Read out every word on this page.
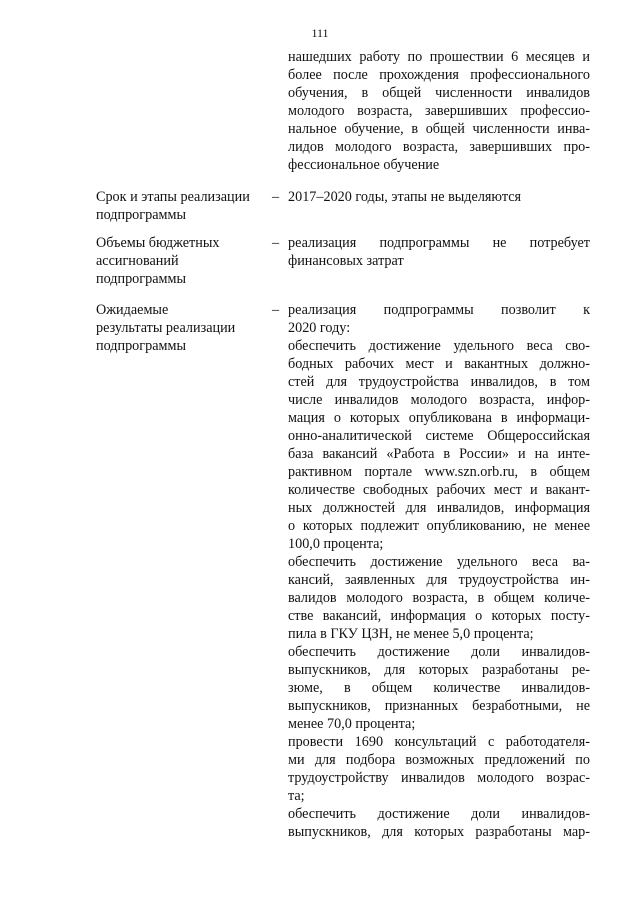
111
нашедших работу по прошествии 6 месяцев и
более после прохождения профессионального
обучения, в общей численности инвалидов
молодого возраста, завершивших профессио-
нальное обучение, в общей численности инва-
лидов молодого возраста, завершивших про-
фессиональное обучение
Срок и этапы реализации
подпрограммы
– 2017–2020 годы, этапы не выделяются
Объемы бюджетных
ассигнований
подпрограммы
– реализация подпрограммы не потребует
финансовых затрат
Ожидаемые
результаты реализации
подпрограммы
– реализация подпрограммы позволит к
2020 году:
обеспечить достижение удельного веса сво-
бодных рабочих мест и вакантных должно-
стей для трудоустройства инвалидов, в том
числе инвалидов молодого возраста, инфор-
мация о которых опубликована в информаци-
онно-аналитической системе Общероссийская
база вакансий «Работа в России» и на инте-
рактивном портале www.szn.orb.ru, в общем
количестве свободных рабочих мест и вакант-
ных должностей для инвалидов, информация
о которых подлежит опубликованию, не менее
100,0 процента;
обеспечить достижение удельного веса ва-
кансий, заявленных для трудоустройства ин-
валидов молодого возраста, в общем количе-
стве вакансий, информация о которых посту-
пила в ГКУ ЦЗН, не менее 5,0 процента;
обеспечить достижение доли инвалидов-
выпускников, для которых разработаны ре-
зюме, в общем количестве инвалидов-
выпускников, признанных безработными, не
менее 70,0 процента;
провести 1690 консультаций с работодателя-
ми для подбора возможных предложений по
трудоустройству инвалидов молодого возрас-
та;
обеспечить достижение доли инвалидов-
выпускников, для которых разработаны мар-
